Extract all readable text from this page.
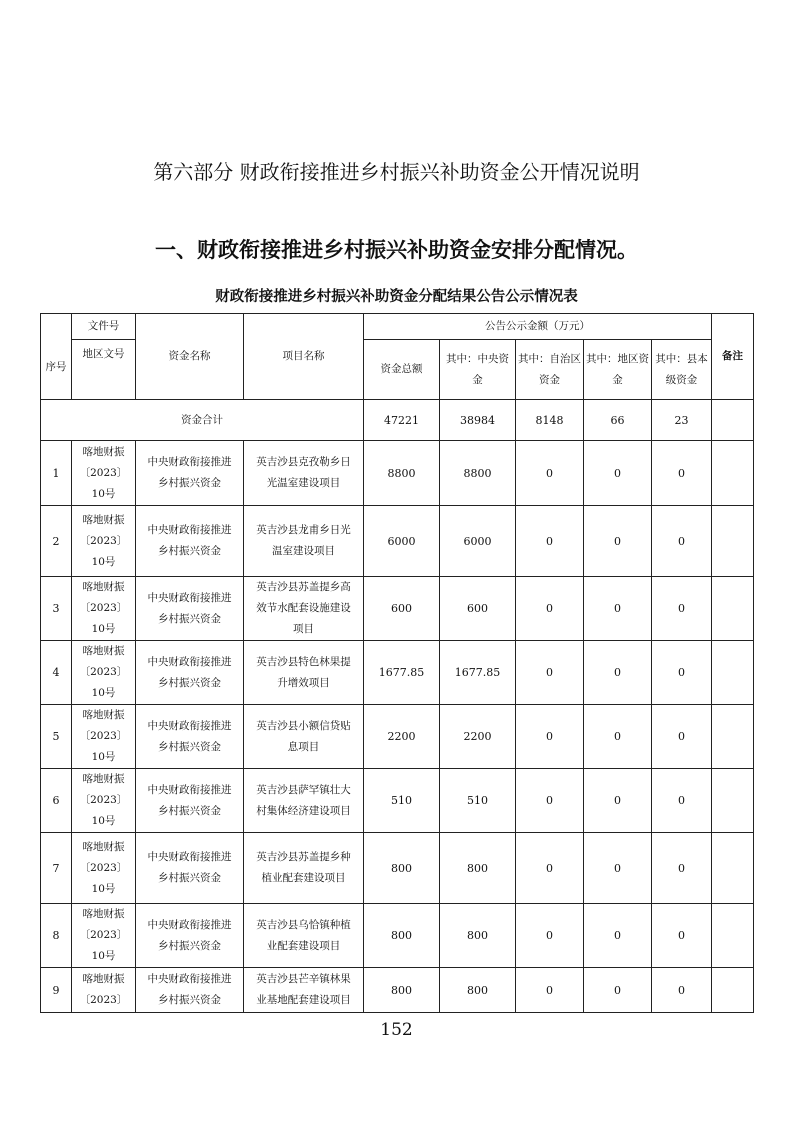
第六部分 财政衔接推进乡村振兴补助资金公开情况说明
一、财政衔接推进乡村振兴补助资金安排分配情况。
财政衔接推进乡村振兴补助资金分配结果公告公示情况表
序号	文件号	资金名称	项目名称	公告公示金额（万元）					备注
	地区文号			资金总额	其中：中央资金	其中：自治区资金	其中：地区资金	其中：县本级资金	
资金合计				47221	38984	8148	66	23	
1	喀地财振〔2023〕10号	中央财政衔接推进乡村振兴资金	英吉沙县克孜勒乡日光温室建设项目	8800	8800	0	0	0	
2	喀地财振〔2023〕10号	中央财政衔接推进乡村振兴资金	英吉沙县龙甫乡日光温室建设项目	6000	6000	0	0	0	
3	喀地财振〔2023〕10号	中央财政衔接推进乡村振兴资金	英吉沙县苏盖提乡高效节水配套设施建设项目	600	600	0	0	0	
4	喀地财振〔2023〕10号	中央财政衔接推进乡村振兴资金	英吉沙县特色林果提升增效项目	1677.85	1677.85	0	0	0	
5	喀地财振〔2023〕10号	中央财政衔接推进乡村振兴资金	英吉沙县小额信贷贴息项目	2200	2200	0	0	0	
6	喀地财振〔2023〕10号	中央财政衔接推进乡村振兴资金	英吉沙县萨罕镇壮大村集体经济建设项目	510	510	0	0	0	
7	喀地财振〔2023〕10号	中央财政衔接推进乡村振兴资金	英吉沙县苏盖提乡种植业配套建设项目	800	800	0	0	0	
8	喀地财振〔2023〕10号	中央财政衔接推进乡村振兴资金	英吉沙县乌恰镇种植业配套建设项目	800	800	0	0	0	
9	喀地财振〔2023〕	中央财政衔接推进乡村振兴资金	英吉沙县芒辛镇林果业基地配套建设项目	800	800	0	0	0	
152
